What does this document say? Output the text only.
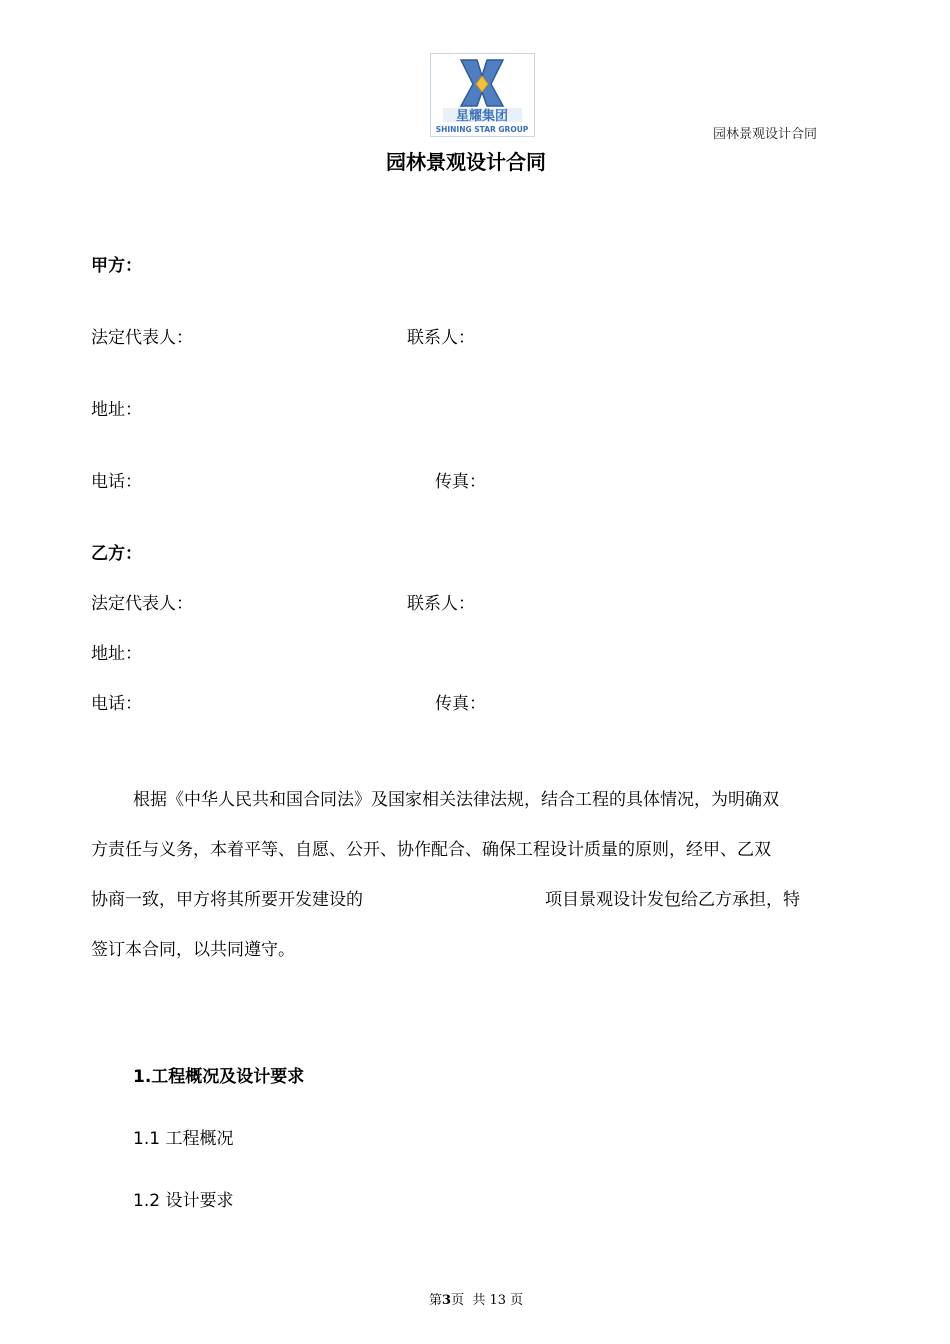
星耀集团
SHINING STAR GROUP	园林景观设计合同
园林景观设计合同
甲方：
法定代表人：	联系人：
地址：
电话：	传真：
乙方：
法定代表人：	联系人：
地址：
电话：	传真：
根据《中华人民共和国合同法》及国家相关法律法规，结合工程的具体情况，为明确双
方责任与义务，本着平等、自愿、公开、协作配合、确保工程设计质量的原则，经甲、乙双
协商一致，甲方将其所要开发建设的	项目景观设计发包给乙方承担，特
签订本合同，以共同遵守。
1.工程概况及设计要求
1.1 工程概况
1.2 设计要求
第3页  共 13 页
